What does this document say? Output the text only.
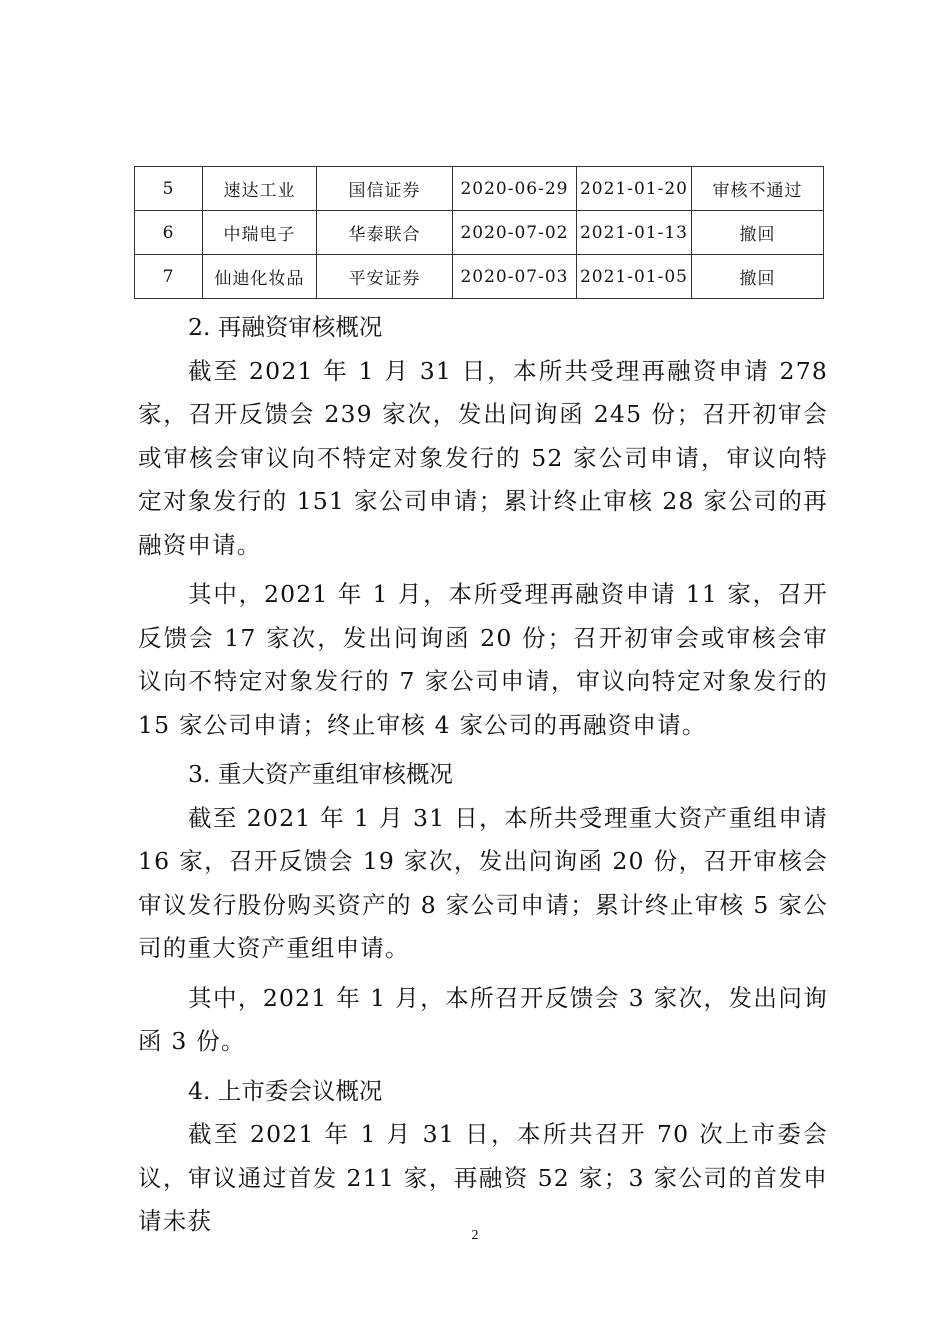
5	速达工业	国信证券	2020-06-29	2021-01-20	审核不通过
6	中瑞电子	华泰联合	2020-07-02	2021-01-13	撤回
7	仙迪化妆品	平安证券	2020-07-03	2021-01-05	撤回
2. 再融资审核概况
截至 2021 年 1 月 31 日，本所共受理再融资申请 278 家，召开反馈会 239 家次，发出问询函 245 份；召开初审会或审核会审议向不特定对象发行的 52 家公司申请，审议向特定对象发行的 151 家公司申请；累计终止审核 28 家公司的再融资申请。
其中，2021 年 1 月，本所受理再融资申请 11 家，召开反馈会 17 家次，发出问询函 20 份；召开初审会或审核会审议向不特定对象发行的 7 家公司申请，审议向特定对象发行的 15 家公司申请；终止审核 4 家公司的再融资申请。
3. 重大资产重组审核概况
截至 2021 年 1 月 31 日，本所共受理重大资产重组申请 16 家，召开反馈会 19 家次，发出问询函 20 份，召开审核会审议发行股份购买资产的 8 家公司申请；累计终止审核 5 家公司的重大资产重组申请。
其中，2021 年 1 月，本所召开反馈会 3 家次，发出问询函 3 份。
4. 上市委会议概况
截至 2021 年 1 月 31 日，本所共召开 70 次上市委会议，审议通过首发 211 家，再融资 52 家；3 家公司的首发申请未获
2
